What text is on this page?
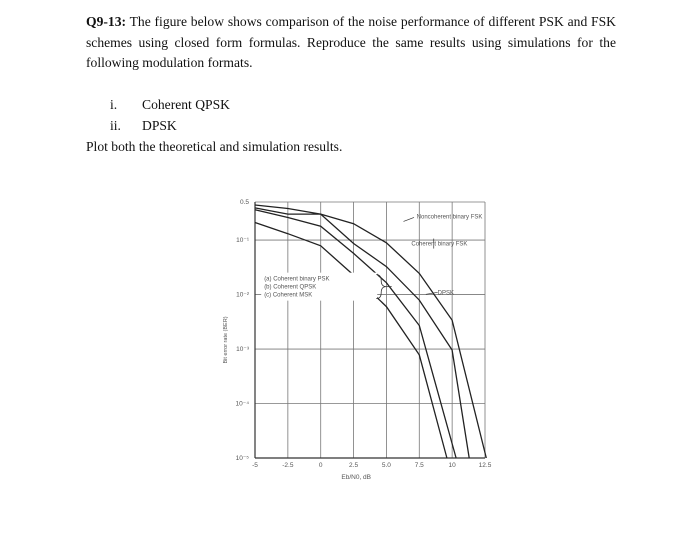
Q9-13: The figure below shows comparison of the noise performance of different PSK and FSK schemes using closed form formulas. Reproduce the same results using simulations for the following modulation formats.
i.	Coherent QPSK
ii.	DPSK
Plot both the theoretical and simulation results.
-5	-2.5	0	2.5	5.0	7.5	10	12.5
0.5
10⁻¹
10⁻²
10⁻³
10⁻⁴
10⁻⁵
Bit error rate (BER)
Eb/N0, dB
(a) Coherent binary PSK
(b) Coherent QPSK
(c) Coherent MSK
Noncoherent binary FSK
Coherent binary FSK
DPSK
